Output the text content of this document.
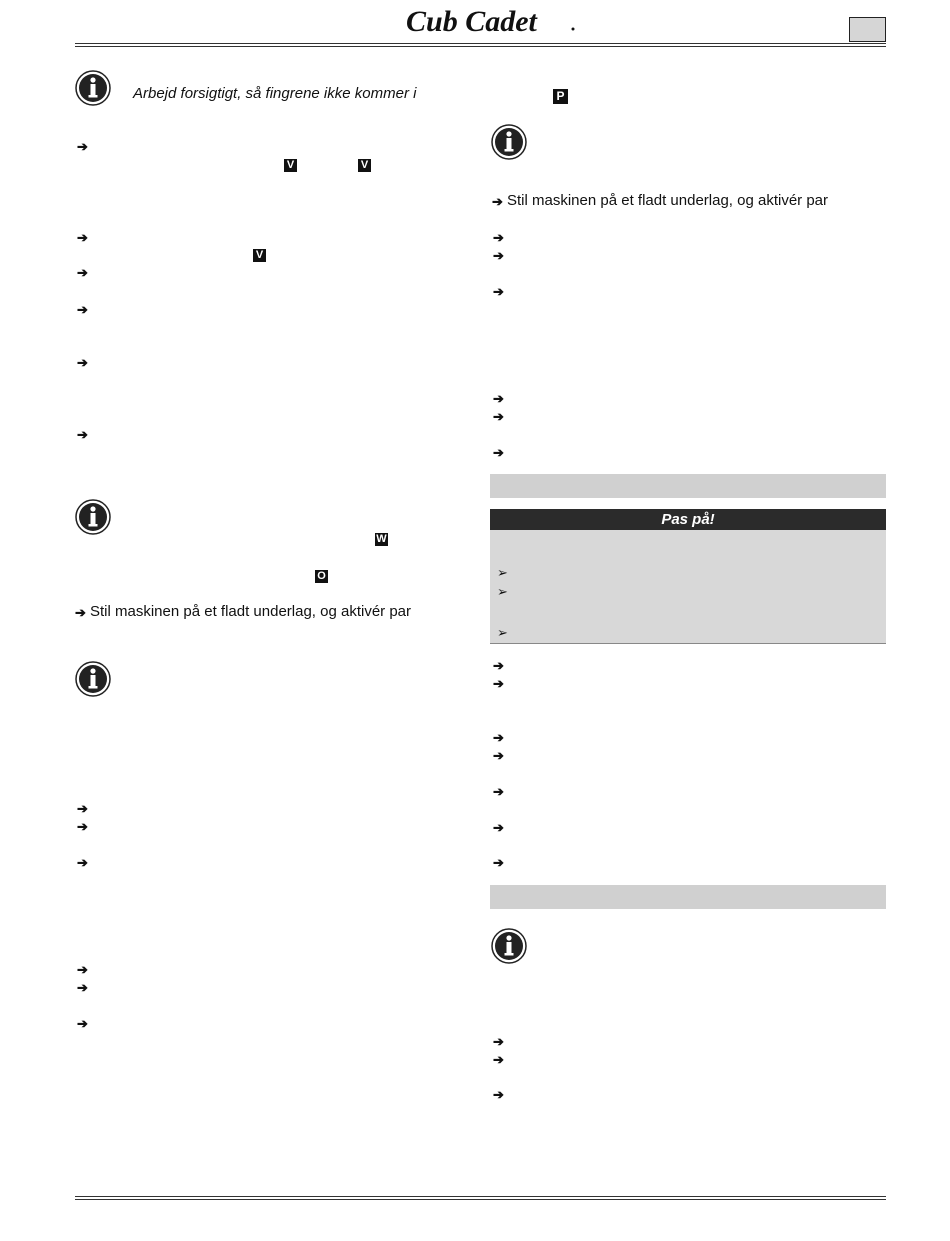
Cub Cadet
Arbejd forsigtigt, så fingrene ikke kommer i
➔
V	V
➔
V
➔
➔
➔
➔
W
O
➔ Stil maskinen på et fladt underlag, og aktivér par
➔
➔
➔
➔
➔
➔
P
➔ Stil maskinen på et fladt underlag, og aktivér par
➔
➔
➔
➔
➔
➔
Pas på!
➢
➢
➢
➔
➔
➔
➔
➔
➔
➔
➔
➔
➔
